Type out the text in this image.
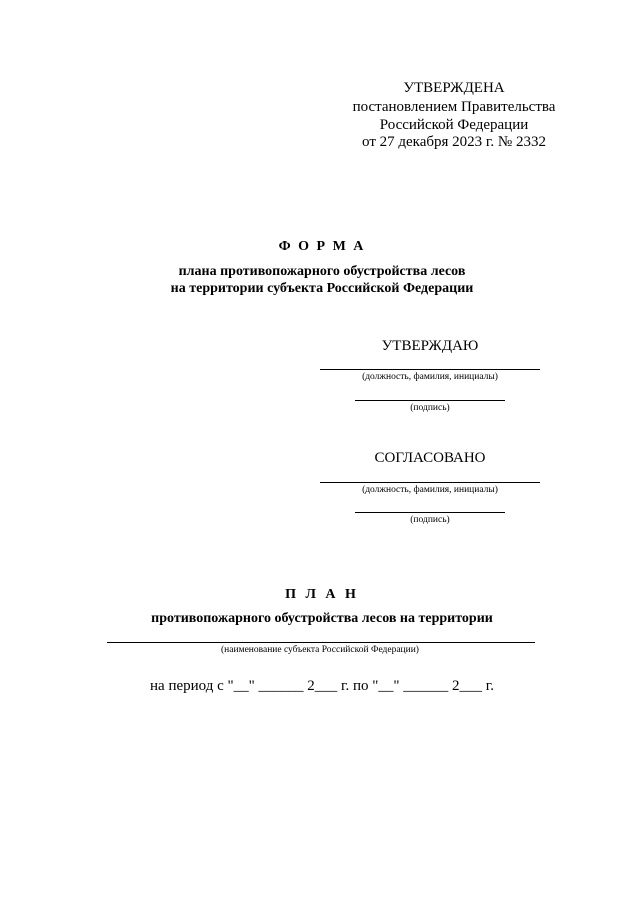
УТВЕРЖДЕНА
постановлением Правительства
Российской Федерации
от 27 декабря 2023 г. № 2332
Ф О Р М А
плана противопожарного обустройства лесов
на территории субъекта Российской Федерации
УТВЕРЖДАЮ
(должность, фамилия, инициалы)
(подпись)
СОГЛАСОВАНО
(должность, фамилия, инициалы)
(подпись)
П Л А Н
противопожарного обустройства лесов на территории
(наименование субъекта Российской Федерации)
на период с "__" ______ 2___ г. по "__" ______ 2___ г.
